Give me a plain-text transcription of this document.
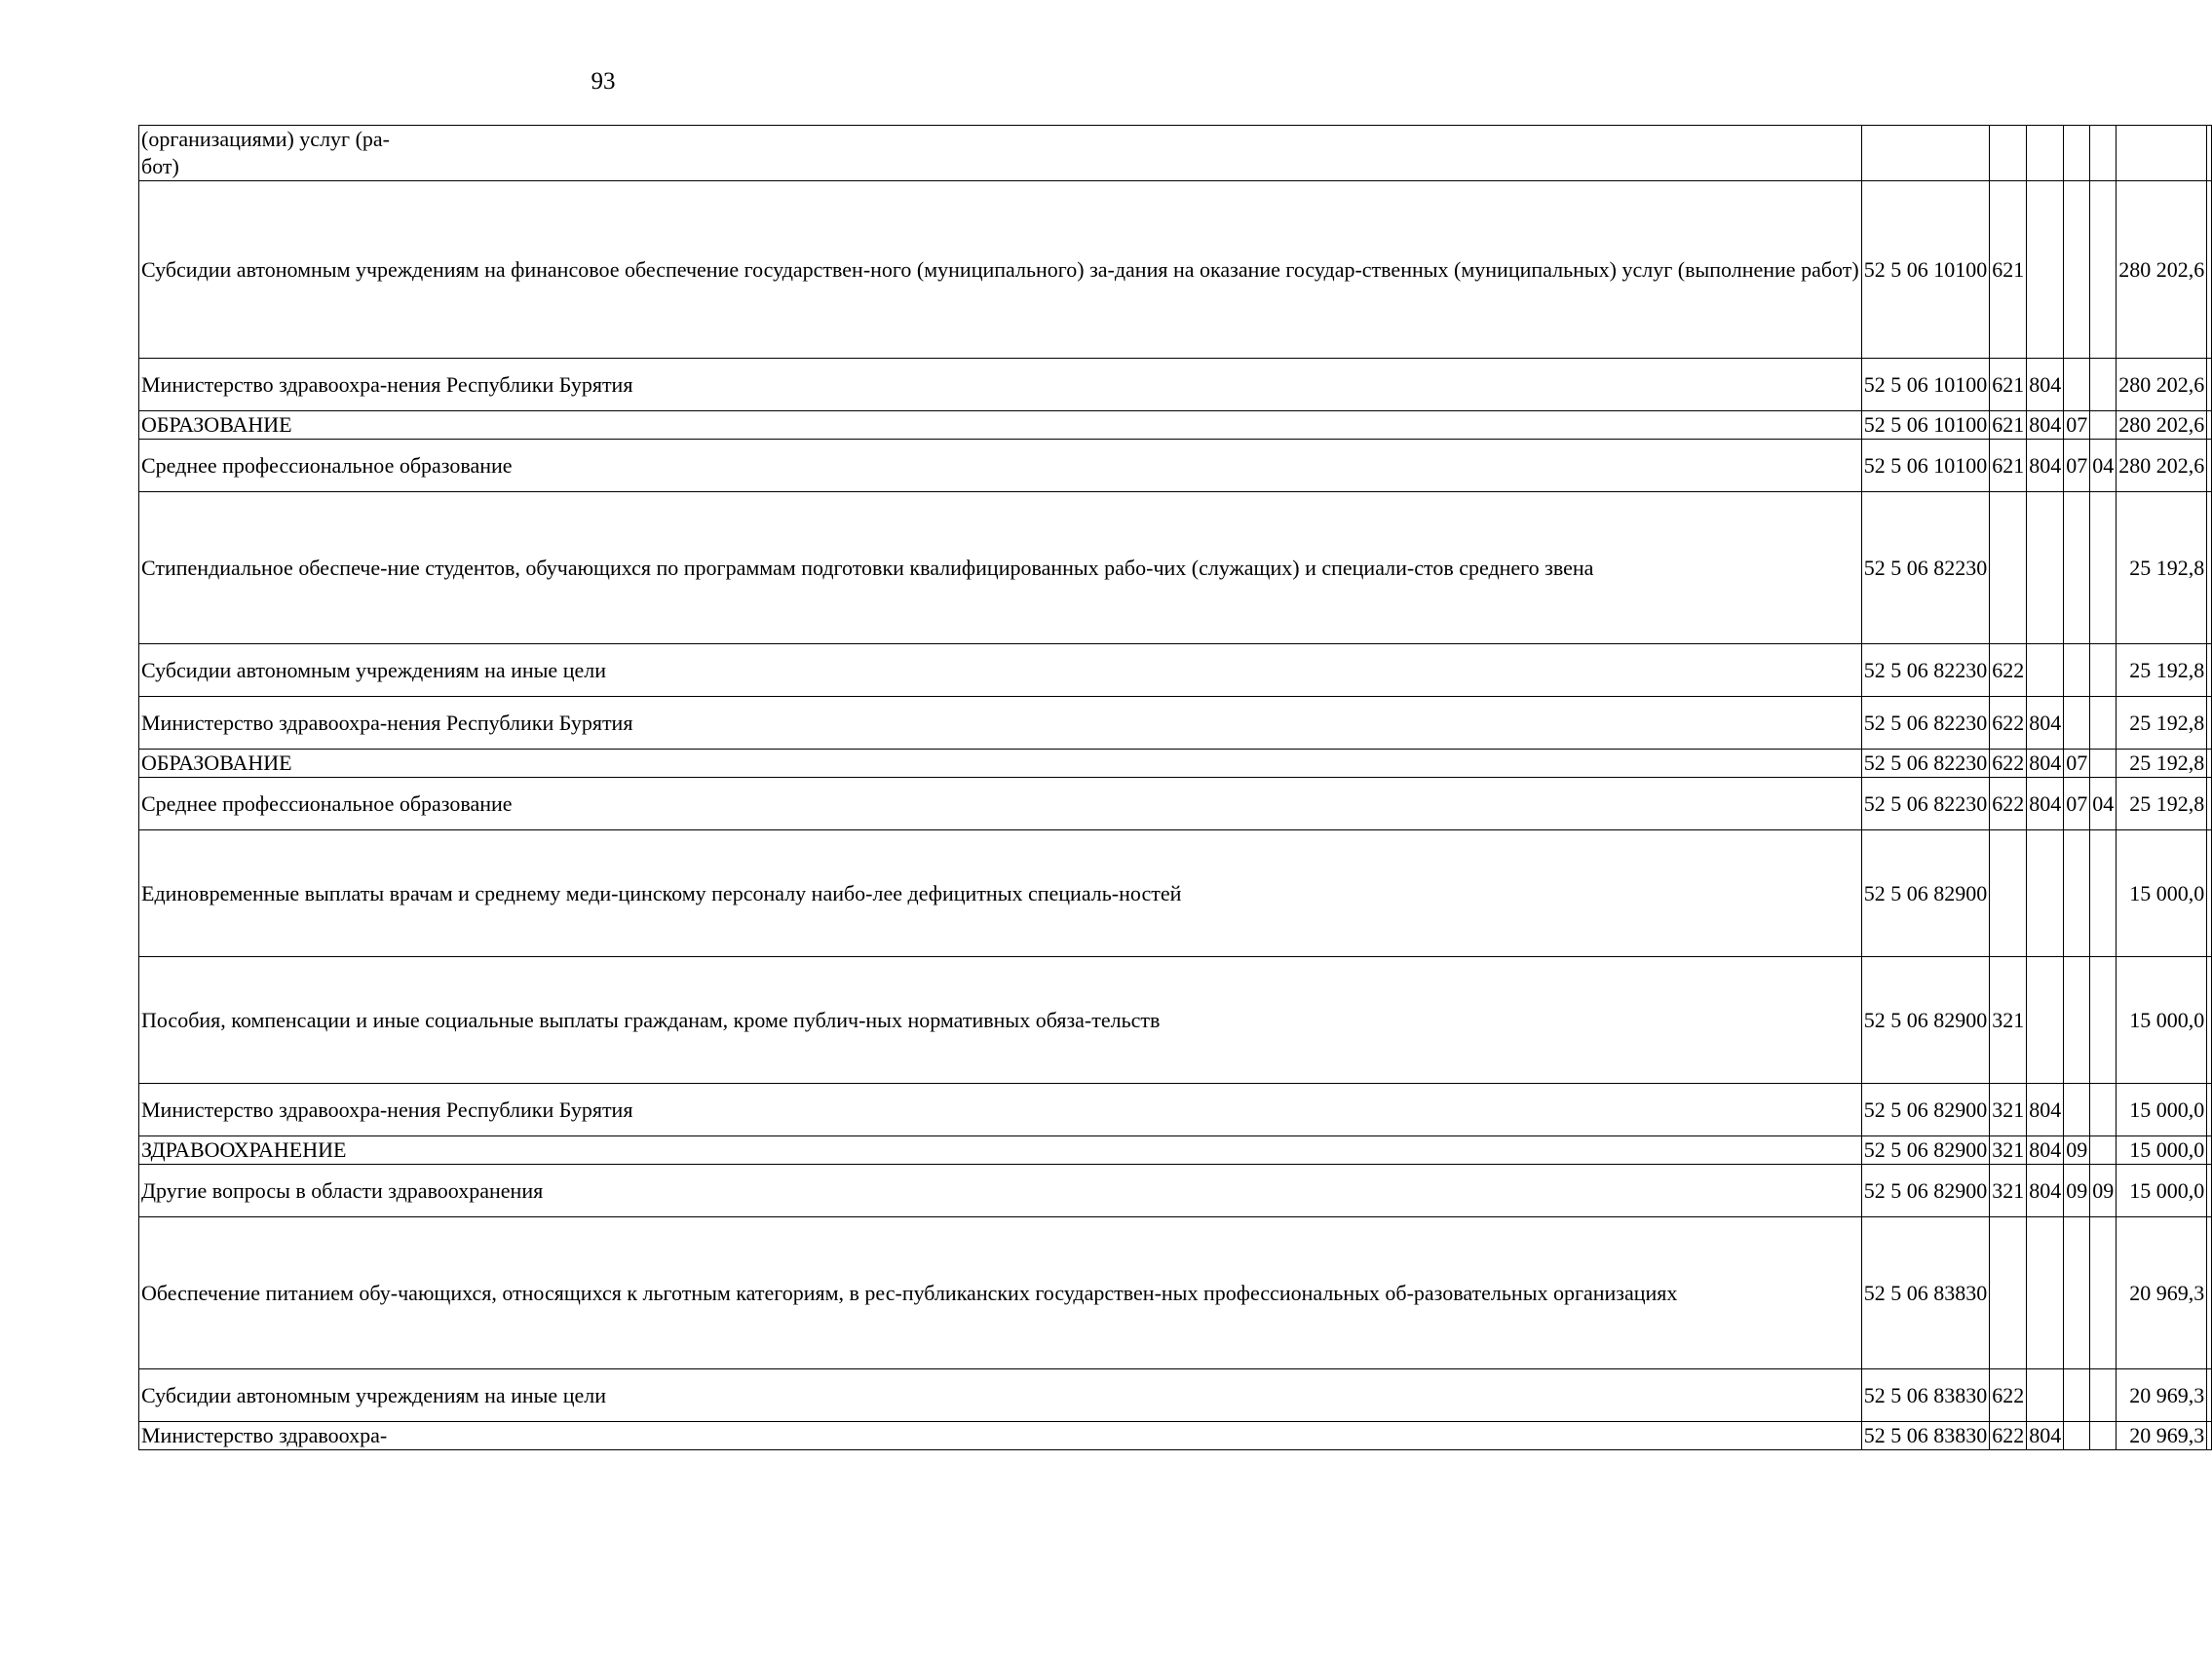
93
(организациями) услуг (ра-
бот)							
Субсидии автономным учреждениям на финансовое обеспечение государствен-ного (муниципального) за-дания на оказание государ-ственных (муниципальных) услуг (выполнение работ)	52 5 06 10100	621				280 202,6	
Министерство здравоохра-нения Республики Бурятия	52 5 06 10100	621	804			280 202,6	
ОБРАЗОВАНИЕ	52 5 06 10100	621	804	07		280 202,6	
Среднее профессиональное образование	52 5 06 10100	621	804	07	04	280 202,6	
Стипендиальное обеспече-ние студентов, обучающихся по программам подготовки квалифицированных рабо-чих (служащих) и специали-стов среднего звена	52 5 06 82230					25 192,8	
Субсидии автономным учреждениям на иные цели	52 5 06 82230	622				25 192,8	
Министерство здравоохра-нения Республики Бурятия	52 5 06 82230	622	804			25 192,8	
ОБРАЗОВАНИЕ	52 5 06 82230	622	804	07		25 192,8	
Среднее профессиональное образование	52 5 06 82230	622	804	07	04	25 192,8	
Единовременные выплаты врачам и среднему меди-цинскому персоналу наибо-лее дефицитных специаль-ностей	52 5 06 82900					15 000,0	
Пособия, компенсации и иные социальные выплаты гражданам, кроме публич-ных нормативных обяза-тельств	52 5 06 82900	321				15 000,0	
Министерство здравоохра-нения Республики Бурятия	52 5 06 82900	321	804			15 000,0	
ЗДРАВООХРАНЕНИЕ	52 5 06 82900	321	804	09		15 000,0	
Другие вопросы в области здравоохранения	52 5 06 82900	321	804	09	09	15 000,0	
Обеспечение питанием обу-чающихся, относящихся к льготным категориям, в рес-публиканских государствен-ных профессиональных об-разовательных организациях	52 5 06 83830					20 969,3	
Субсидии автономным учреждениям на иные цели	52 5 06 83830	622				20 969,3	
Министерство здравоохра-	52 5 06 83830	622	804			20 969,3	
